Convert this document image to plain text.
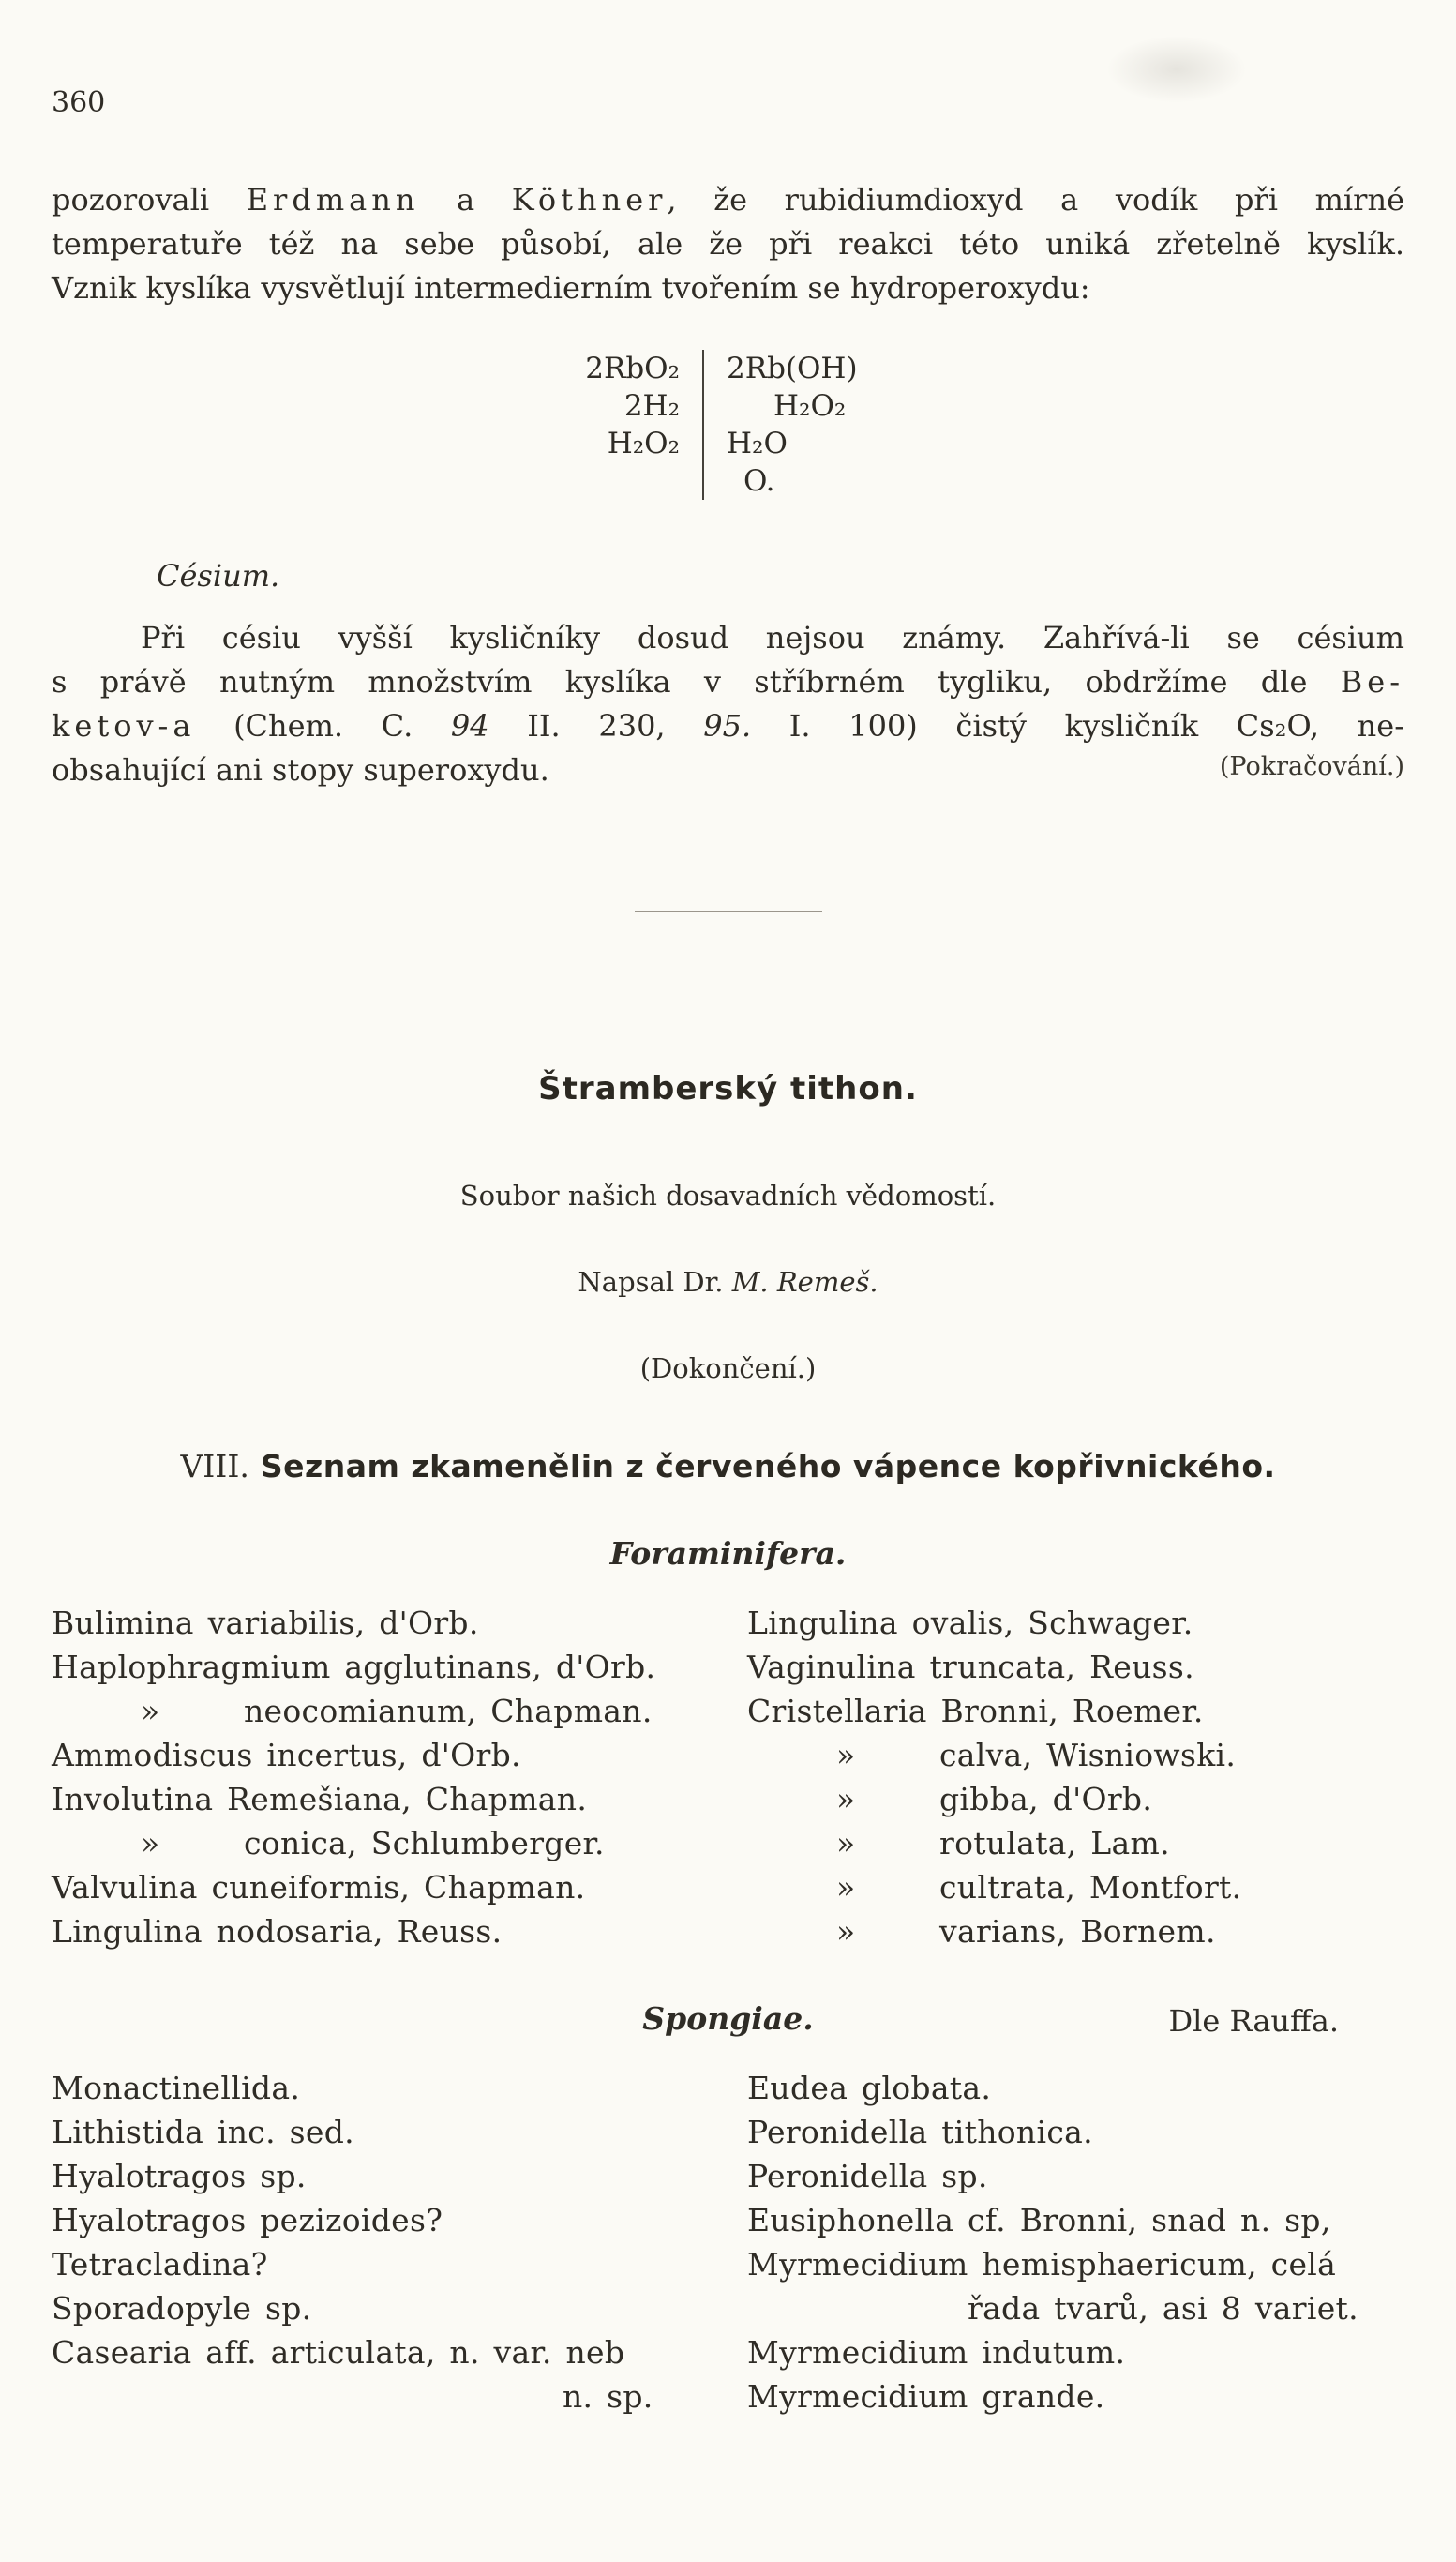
360
pozorovali Erdmann a Köthner, že rubidiumdioxyd a vodík při mírné
temperatuře též na sebe působí, ale že při reakci této uniká zřetelně kyslík.
Vznik kyslíka vysvětlují intermedierním tvořením se hydroperoxydu:
2RbO₂	2Rb(OH)
2H₂	H₂O₂
H₂O₂	H₂O
O.
Césium.
Při césiu vyšší kysličníky dosud nejsou známy. Zahřívá-li se césium
s právě nutným množstvím kyslíka v stříbrném tygliku, obdržíme dle Be-
ketov-a (Chem. C. 94 II. 230, 95. I. 100) čistý kysličník Cs₂O, ne-
obsahující ani stopy superoxydu.	(Pokračování.)
Štramberský tithon.
Soubor našich dosavadních vědomostí.
Napsal Dr. M. Remeš.
(Dokončení.)
VIII. Seznam zkamenělin z červeného vápence kopřivnického.
Foraminifera.
Bulimina variabilis, d'Orb.
Haplophragmium agglutinans, d'Orb.
»	neocomianum, Chapman.
Ammodiscus incertus, d'Orb.
Involutina Remešiana, Chapman.
»	conica, Schlumberger.
Valvulina cuneiformis, Chapman.
Lingulina nodosaria, Reuss.
Lingulina ovalis, Schwager.
Vaginulina truncata, Reuss.
Cristellaria Bronni, Roemer.
»	calva, Wisniowski.
»	gibba, d'Orb.
»	rotulata, Lam.
»	cultrata, Montfort.
»	varians, Bornem.
Spongiae.	Dle Rauffa.
Monactinellida.
Lithistida inc. sed.
Hyalotragos sp.
Hyalotragos pezizoides?
Tetracladina?
Sporadopyle sp.
Casearia aff. articulata, n. var. neb
n. sp.
Eudea globata.
Peronidella tithonica.
Peronidella sp.
Eusiphonella cf. Bronni, snad n. sp,
Myrmecidium hemisphaericum, celá
řada tvarů, asi 8 variet.
Myrmecidium indutum.
Myrmecidium grande.
